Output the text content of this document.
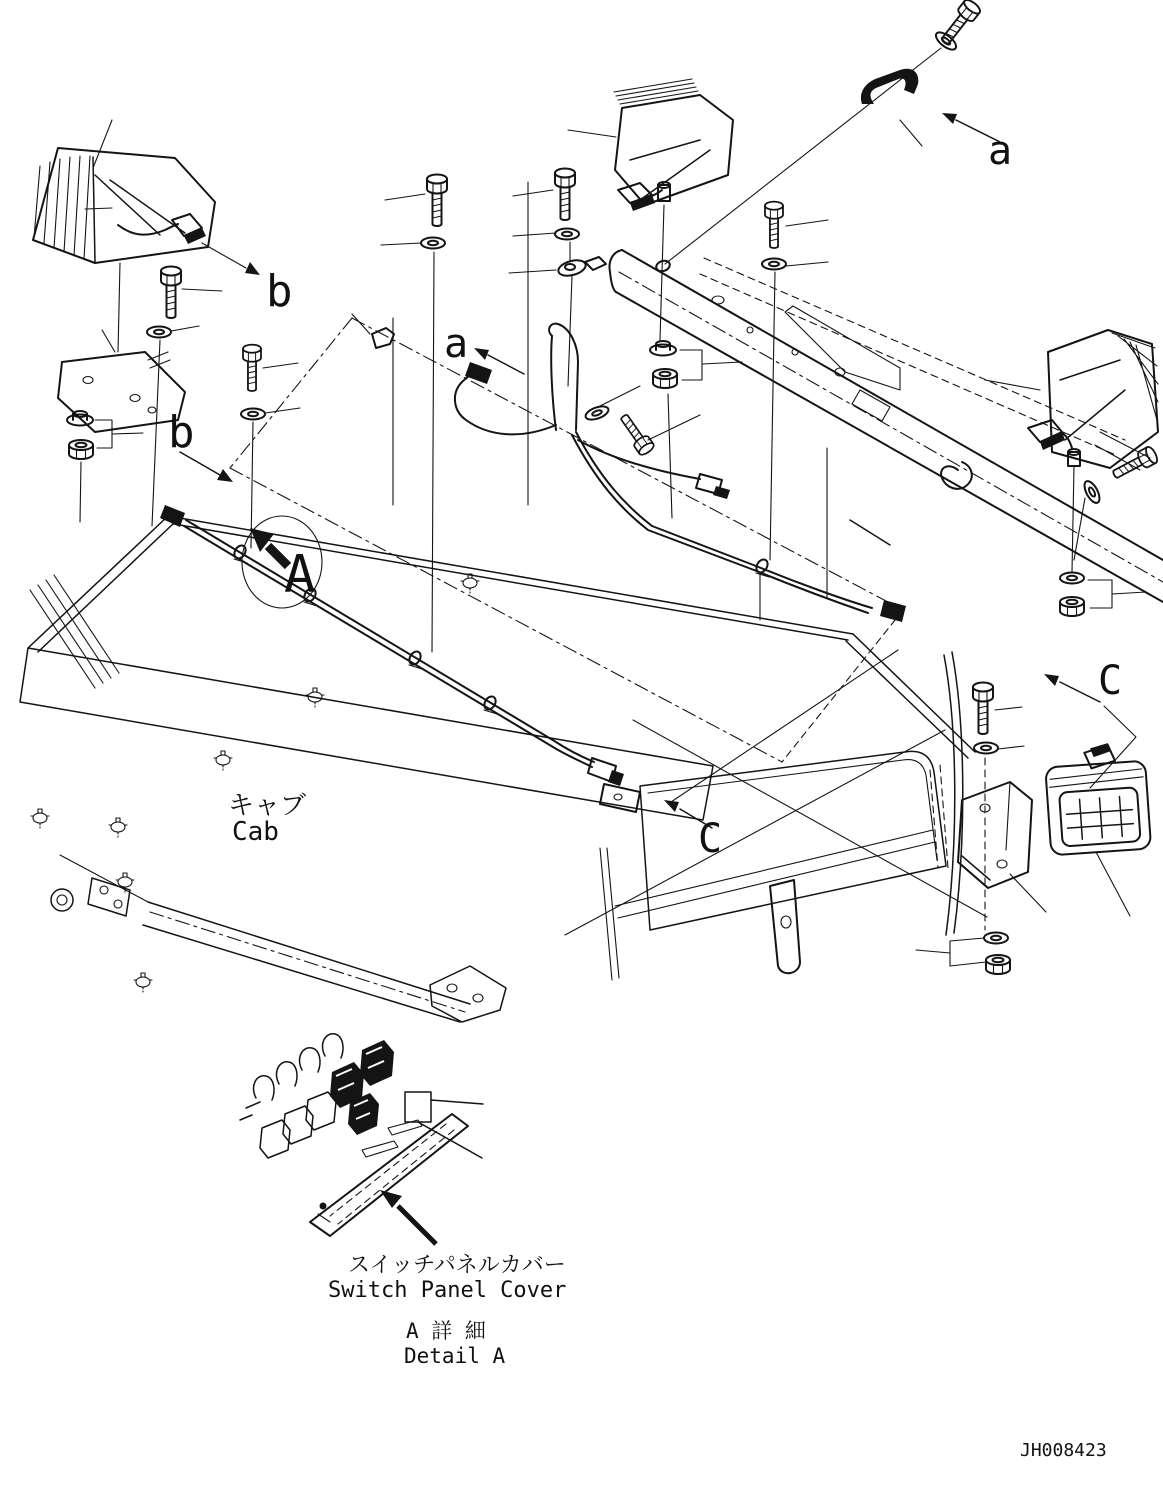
b
b
a
A
a
キャブ
Cab	C
C
スイッチパネルカバー
Switch Panel Cover
A 詳 細
Detail A
JH008423
